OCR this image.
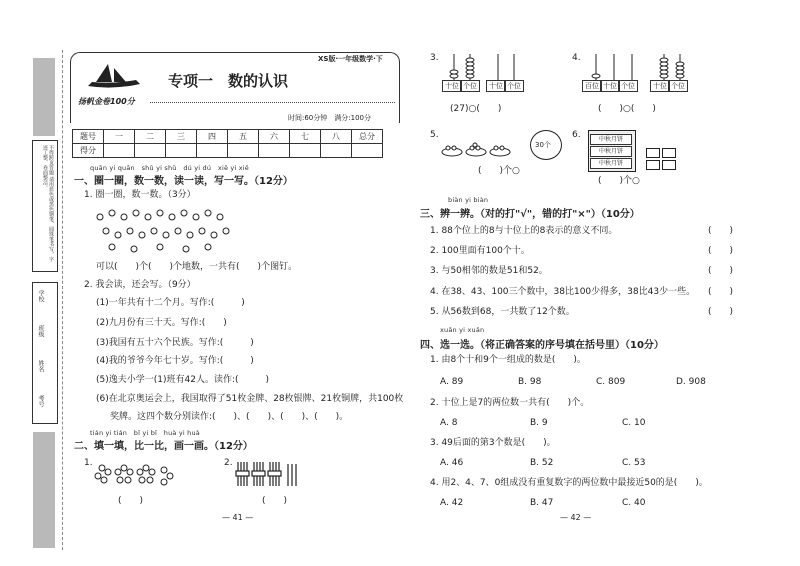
扬帆金卷100分
专项一　数的认识
XS版·一年级数学·下
时间:60分钟　满分:100分
题号	一	二	三	四	五	六	七	八	总分
得分									
quān yi quān　shǔ yi shǔ　dú yi dú　xiě yi xiě
一、圈一圈，数一数，读一读，写一写。（12分）
1. 圈一圈，数一数。（3分）
可以(　　)个(　　)个地数，一共有(　　)个图钉。
2. 我会读，还会写。（9分）
(1)一年共有十二个月。写作:(　　　)
(2)九月份有三十天。写作:(　　)
(3)我国有五十六个民族。写作:(　　　)
(4)我的爷爷今年七十岁。写作:(　　　)
(5)逸夫小学一(1)班有42人。读作:(　　　)
(6)在北京奥运会上，我国取得了51枚金牌、28枚银牌、21枚铜牌，共100枚
奖牌。这四个数分别读作:(　　)、(　　)、(　　)、(　　)。
tián yi tián　bǐ yi bǐ　huà yi huà
二、填一填，比一比，画一画。（12分）
1.
(　　)
2.
(　　)
— 41 —
3.
十位 个位	十位 个位
(27)○(　　)
4.
百位 十位 个位	十位 个位
(　　)○(　　)
5.
30个
(　　)个○
6.	中秋月饼
中秋月饼
中秋月饼
(　　)个○
biàn yi biàn
三、辨一辨。（对的打"√"，错的打"×"）（10分）
1. 88个位上的8与十位上的8表示的意义不同。	(　　)
2. 100里面有100个十。	(　　)
3. 与50相邻的数是51和52。	(　　)
4. 在38、43、100三个数中，38比100少得多，38比43少一些。 (　　)
5. 从56数到68，一共数了12个数。	(　　)
xuǎn yi xuǎn
四、选一选。（将正确答案的序号填在括号里）（10分）
1. 由8个十和9个一组成的数是(　　)。
A. 89	B. 98	C. 809	D. 908
2. 十位上是7的两位数一共有(　　)个。
A. 8	B. 9	C. 10
3. 49后面的第3个数是(　　)。
A. 46	B. 52	C. 53
4. 用2、4、7、0组成没有重复数字的两位数中最接近50的是(　　)。
A. 42	B. 47	C. 40
— 42 —
不得跨页答题 请用蓝色或黑色钢笔、圆珠笔书写，字迹工整、卷面整洁。
学校
班级
姓名
考号
